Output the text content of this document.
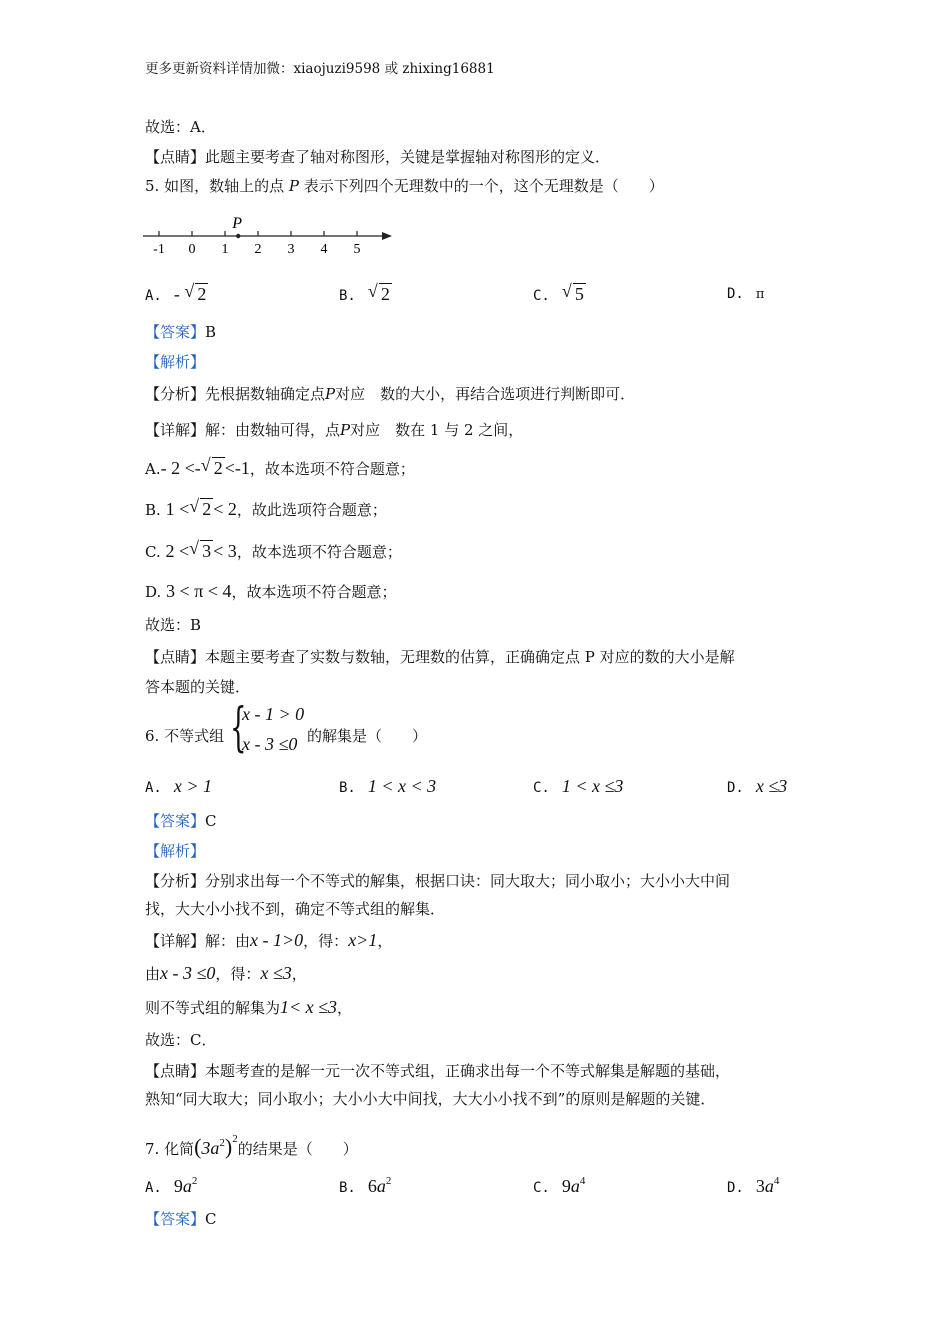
更多更新资料详情加微：xiaojuzi9598 或 zhixing16881
故选：A．
【点睛】此题主要考查了轴对称图形，关键是掌握轴对称图形的定义．
5. 如图，数轴上的点 P 表示下列四个无理数中的一个，这个无理数是（　　）
-1 0 1 2 3 4 5
P
A. - √ 2	B. √ 2	C. √ 5	D. π
【答案】B
【解析】
【分析】先根据数轴确定点P对应　数的大小，再结合选项进行判断即可．
【详解】解：由数轴可得，点P对应　数在 1 与 2 之间，
A.- 2 <- √ 2 <-1，故本选项不符合题意；
B. 1 < √ 2 < 2，故此选项符合题意；
C. 2 < √ 3 < 3，故本选项不符合题意；
D. 3 < π < 4，故本选项不符合题意；
故选：B
【点睛】本题主要考查了实数与数轴，无理数的估算，正确确定点 P 对应的数的大小是解
答本题的关键．
6. 不等式组 {
x - 1 > 0
x - 3 ≤0 的解集是（　　）
A. x > 1	B. 1 < x < 3	C. 1 < x ≤3	D. x ≤3
【答案】C
【解析】
【分析】分别求出每一个不等式的解集，根据口诀：同大取大；同小取小；大小小大中间
找，大大小小找不到，确定不等式组的解集．
【详解】解：由x - 1>0，得：x>1，
由x - 3 ≤0，得：x ≤3，
则不等式组的解集为1< x ≤3，
故选：C．
【点睛】本题考查的是解一元一次不等式组，正确求出每一个不等式解集是解题的基础，
熟知“同大取大；同小取小；大小小大中间找，大大小小找不到”的原则是解题的关键．
7. 化简$(3a^2)^2$的结果是（　　）
A. $9a^2$	B. $6a^2$	C. $9a^4$	D. $3a^4$
【答案】C
